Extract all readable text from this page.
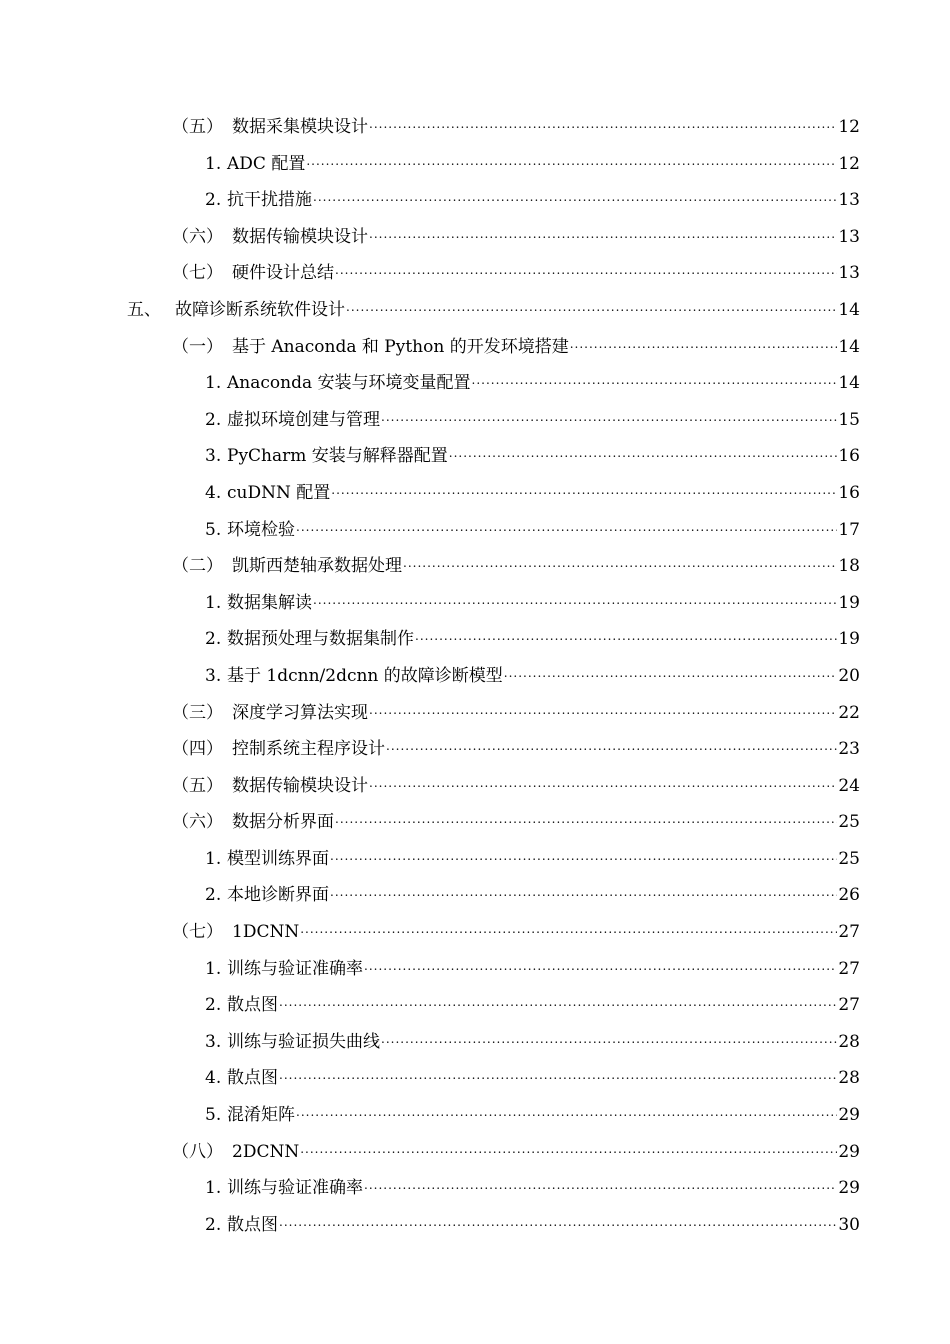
（五） 数据采集模块设计 .....	12
1. ADC 配置 .....	12
2. 抗干扰措施 .....	13
（六） 数据传输模块设计 .....	13
（七） 硬件设计总结 .....	13
五、 故障诊断系统软件设计 .....	14
（一） 基于 Anaconda 和 Python 的开发环境搭建 .....	14
1. Anaconda 安装与环境变量配置 .....	14
2. 虚拟环境创建与管理 .....	15
3. PyCharm 安装与解释器配置 .....	16
4. cuDNN 配置 .....	16
5. 环境检验 .....	17
（二） 凯斯西楚轴承数据处理 .....	18
1. 数据集解读 .....	19
2. 数据预处理与数据集制作 .....	19
3. 基于 1dcnn/2dcnn 的故障诊断模型 .....	20
（三） 深度学习算法实现 .....	22
（四） 控制系统主程序设计 .....	23
（五） 数据传输模块设计 .....	24
（六） 数据分析界面 .....	25
1. 模型训练界面 .....	25
2. 本地诊断界面 .....	26
（七） 1DCNN .....	27
1. 训练与验证准确率 .....	27
2. 散点图 .....	27
3. 训练与验证损失曲线 .....	28
4. 散点图 .....	28
5. 混淆矩阵 .....	29
（八） 2DCNN .....	29
1. 训练与验证准确率 .....	29
2. 散点图 .....	30
